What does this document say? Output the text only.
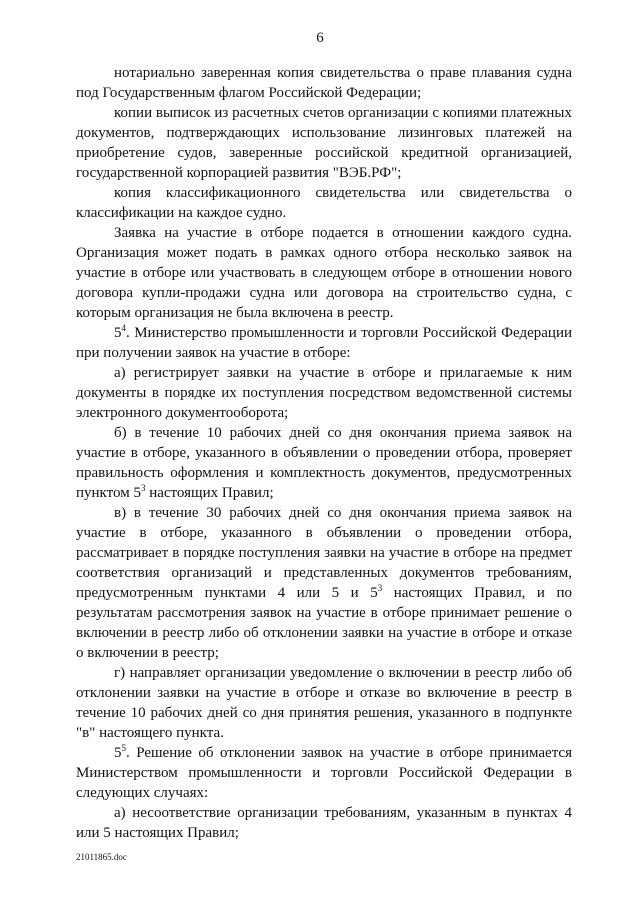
6

нотариально заверенная копия свидетельства о праве плавания судна под Государственным флагом Российской Федерации;

копии выписок из расчетных счетов организации с копиями платежных документов, подтверждающих использование лизинговых платежей на приобретение судов, заверенные российской кредитной организацией, государственной корпорацией развития "ВЭБ.РФ";

копия классификационного свидетельства или свидетельства о классификации на каждое судно.

Заявка на участие в отборе подается в отношении каждого судна. Организация может подать в рамках одного отбора несколько заявок на участие в отборе или участвовать в следующем отборе в отношении нового договора купли-продажи судна или договора на строительство судна, с которым организация не была включена в реестр.

$5^4$. Министерство промышленности и торговли Российской Федерации при получении заявок на участие в отборе:

а) регистрирует заявки на участие в отборе и прилагаемые к ним документы в порядке их поступления посредством ведомственной системы электронного документооборота;

б) в течение 10 рабочих дней со дня окончания приема заявок на участие в отборе, указанного в объявлении о проведении отбора, проверяет правильность оформления и комплектность документов, предусмотренных пунктом $5^3$ настоящих Правил;

в) в течение 30 рабочих дней со дня окончания приема заявок на участие в отборе, указанного в объявлении о проведении отбора, рассматривает в порядке поступления заявки на участие в отборе на предмет соответствия организаций и представленных документов требованиям, предусмотренным пунктами 4 или 5 и $5^3$ настоящих Правил, и по результатам рассмотрения заявок на участие в отборе принимает решение о включении в реестр либо об отклонении заявки на участие в отборе и отказе о включении в реестр;

г) направляет организации уведомление о включении в реестр либо об отклонении заявки на участие в отборе и отказе во включение в реестр в течение 10 рабочих дней со дня принятия решения, указанного в подпункте "в" настоящего пункта.

$5^5$. Решение об отклонении заявок на участие в отборе принимается Министерством промышленности и торговли Российской Федерации в следующих случаях:

а) несоответствие организации требованиям, указанным в пунктах 4 или 5 настоящих Правил;

21011865.doc
